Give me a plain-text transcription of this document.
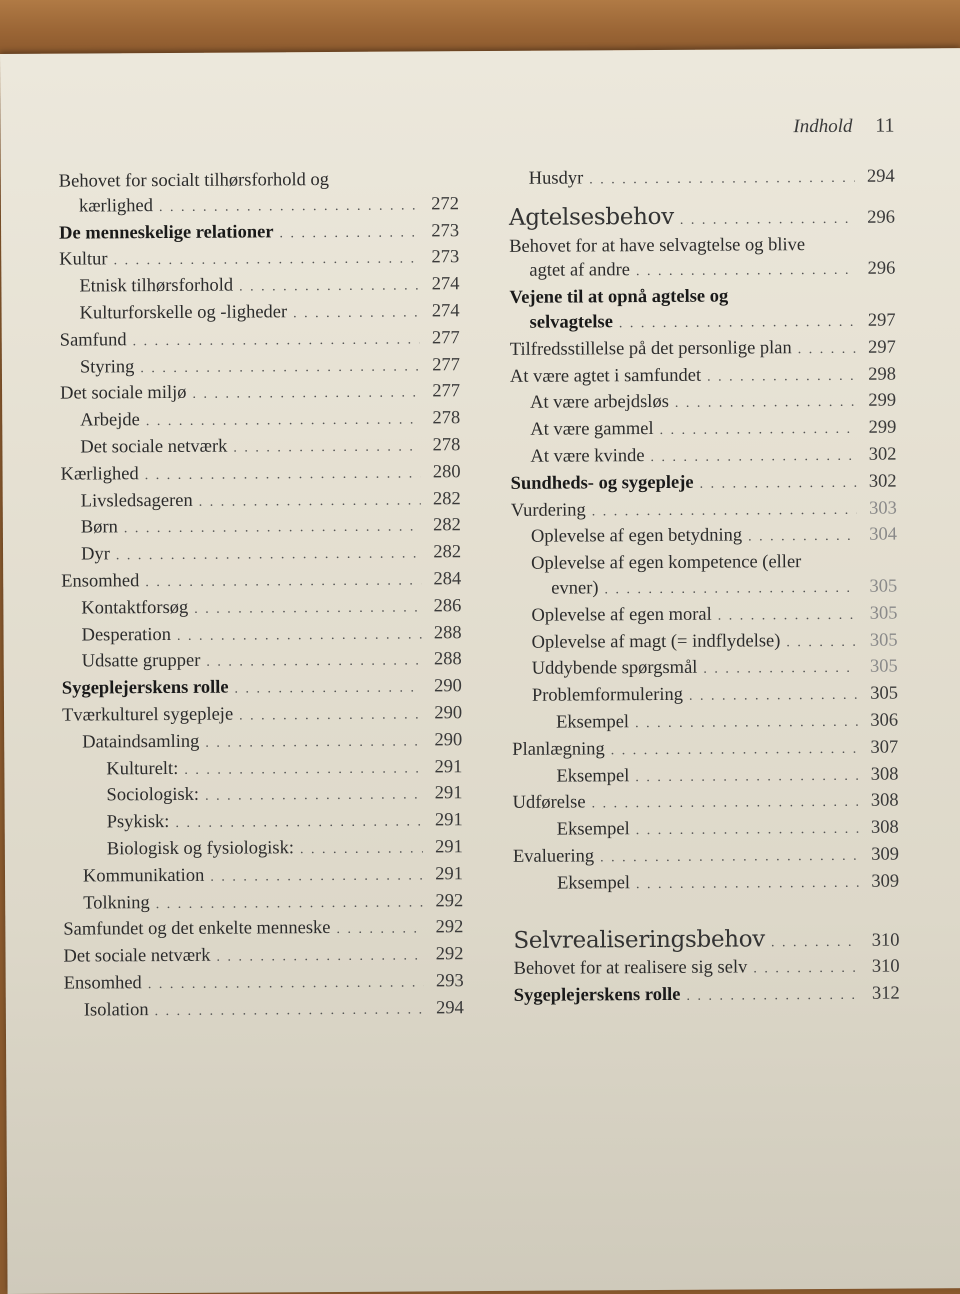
Indhold 11
Behovet for socialt tilhørsforhold og
kærlighed . . .	272
De menneskelige relationer . . .	273
Kultur . . .	273
Etnisk tilhørsforhold . . .	274
Kulturforskelle og -ligheder . . .	274
Samfund . . .	277
Styring . . .	277
Det sociale miljø . . .	277
Arbejde . . .	278
Det sociale netværk . . .	278
Kærlighed . . .	280
Livsledsageren . . .	282
Børn . . .	282
Dyr . . .	282
Ensomhed . . .	284
Kontaktforsøg . . .	286
Desperation . . .	288
Udsatte grupper . . .	288
Sygeplejerskens rolle . . .	290
Tværkulturel sygepleje . . .	290
Dataindsamling . . .	290
Kulturelt: . . .	291
Sociologisk: . . .	291
Psykisk: . . .	291
Biologisk og fysiologisk: . . .	291
Kommunikation . . .	291
Tolkning . . .	292
Samfundet og det enkelte menneske . . .	292
Det sociale netværk . . .	292
Ensomhed . . .	293
Isolation . . .	294
Husdyr . . .	294
Agtelsesbehov . . .	296
Behovet for at have selvagtelse og blive
agtet af andre . . .	296
Vejene til at opnå agtelse og
selvagtelse . . .	297
Tilfredsstillelse på det personlige plan . . .	297
At være agtet i samfundet . . .	298
At være arbejdsløs . . .	299
At være gammel . . .	299
At være kvinde . . .	302
Sundheds- og sygepleje . . .	302
Vurdering . . .	303
Oplevelse af egen betydning . . .	304
Oplevelse af egen kompetence (eller
evner) . . .	305
Oplevelse af egen moral . . .	305
Oplevelse af magt (= indflydelse) . . .	305
Uddybende spørgsmål . . .	305
Problemformulering . . .	305
Eksempel . . .	306
Planlægning . . .	307
Eksempel . . .	308
Udførelse . . .	308
Eksempel . . .	308
Evaluering . . .	309
Eksempel . . .	309
Selvrealiseringsbehov . . .	310
Behovet for at realisere sig selv . . .	310
Sygeplejerskens rolle . . .	312
